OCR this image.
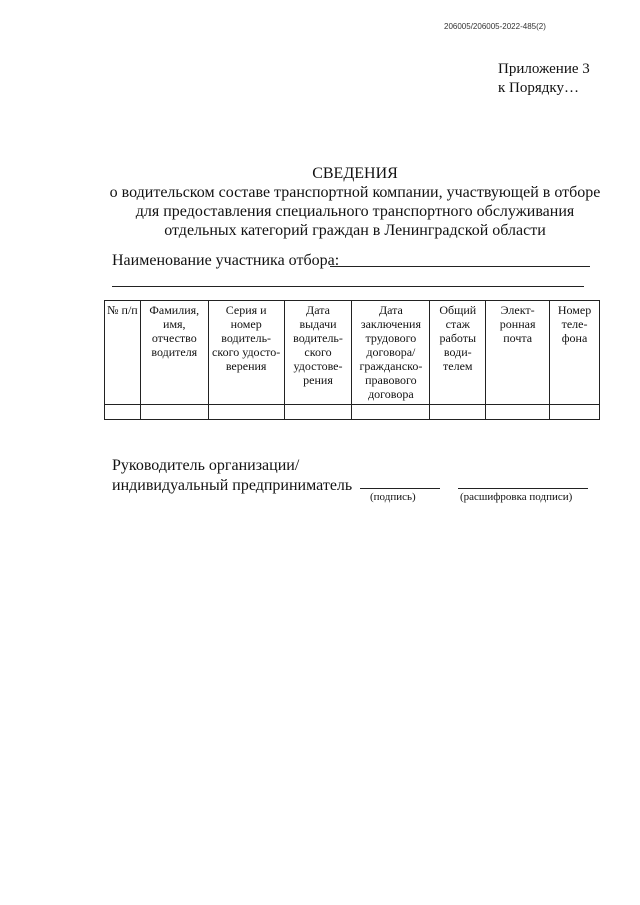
206005/206005-2022-485(2)
Приложение 3
к Порядку…
СВЕДЕНИЯ
о водительском составе транспортной компании, участвующей в отборе
для предоставления специального транспортного обслуживания
отдельных категорий граждан в Ленинградской области
Наименование участника отбора:
№ п/п	Фамилия, имя, отчество водителя	Серия и номер водитель-ского удосто-верения	Дата выдачи водитель-ского удостове-рения	Дата заключения трудового договора/ гражданско-правового договора	Общий стаж работы води-телем	Элект-ронная почта	Номер теле-фона

Руководитель организации/
индивидуальный предприниматель
(подпись)	(расшифровка подписи)
